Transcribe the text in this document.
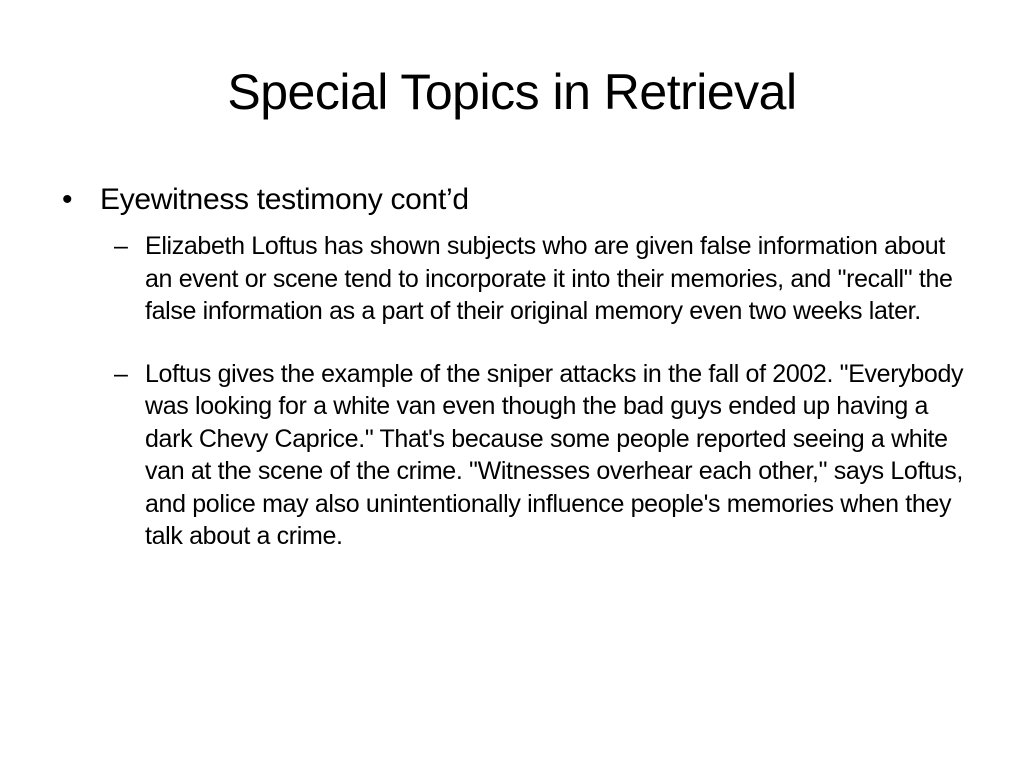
Special Topics in Retrieval
• Eyewitness testimony cont’d
– Elizabeth Loftus has shown subjects who are given false information about an event or scene tend to incorporate it into their memories, and "recall" the false information as a part of their original memory even two weeks later.
– Loftus gives the example of the sniper attacks in the fall of 2002. "Everybody was looking for a white van even though the bad guys ended up having a dark Chevy Caprice." That's because some people reported seeing a white van at the scene of the crime. "Witnesses overhear each other," says Loftus, and police may also unintentionally influence people's memories when they talk about a crime.
